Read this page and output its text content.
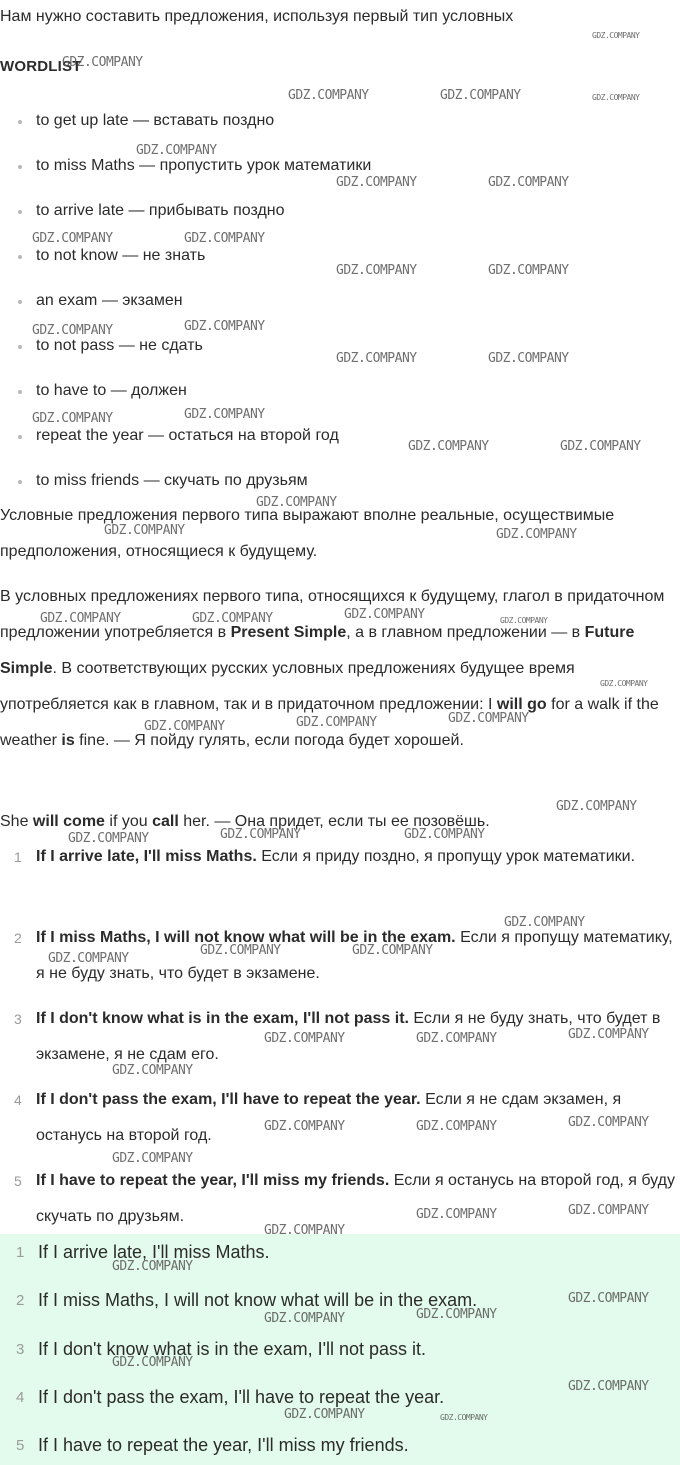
Нам нужно составить предложения, используя первый тип условных
WORDLIST
to get up late — вставать поздно
to miss Maths — пропустить урок математики
to arrive late — прибывать поздно
to not know — не знать
an exam — экзамен
to not pass — не сдать
to have to — должен
repeat the year — остаться на второй год
to miss friends — скучать по друзьям
Условные предложения первого типа выражают вполне реальные, осуществимые предположения, относящиеся к будущему.
В условных предложениях первого типа, относящихся к будущему, глагол в придаточном предложении употребляется в Present Simple, а в главном предложении — в Future Simple. В соответствующих русских условных предложениях будущее время употребляется как в главном, так и в придаточном предложении: I will go for a walk if the weather is fine. — Я пойду гулять, если погода будет хорошей.
She will come if you call her. — Она придет, если ты ее позовёшь.
1 If I arrive late, I'll miss Maths. Если я приду поздно, я пропущу урок математики.
2 If I miss Maths, I will not know what will be in the exam. Если я пропущу математику, я не буду знать, что будет в экзамене.
3 If I don't know what is in the exam, I'll not pass it. Если я не буду знать, что будет в экзамене, я не сдам его.
4 If I don't pass the exam, I'll have to repeat the year. Если я не сдам экзамен, я останусь на второй год.
5 If I have to repeat the year, I'll miss my friends. Если я останусь на второй год, я буду скучать по друзьям.
1 If I arrive late, I'll miss Maths.
2 If I miss Maths, I will not know what will be in the exam.
3 If I don't know what is in the exam, I'll not pass it.
4 If I don't pass the exam, I'll have to repeat the year.
5 If I have to repeat the year, I'll miss my friends.
GDZ.COMPANY
GDZ.COMPANY
GDZ.COMPANY	GDZ.COMPANY	GDZ.COMPANY
GDZ.COMPANY
GDZ.COMPANY	GDZ.COMPANY
GDZ.COMPANY	GDZ.COMPANY
GDZ.COMPANY	GDZ.COMPANY
GDZ.COMPANY	GDZ.COMPANY
GDZ.COMPANY	GDZ.COMPANY
GDZ.COMPANY	GDZ.COMPANY
GDZ.COMPANY	GDZ.COMPANY
GDZ.COMPANY
GDZ.COMPANY	GDZ.COMPANY
GDZ.COMPANY	GDZ.COMPANY	GDZ.COMPANY	GDZ.COMPANY
GDZ.COMPANY
GDZ.COMPANY	GDZ.COMPANY	GDZ.COMPANY
GDZ.COMPANY
GDZ.COMPANY	GDZ.COMPANY	GDZ.COMPANY
GDZ.COMPANY
GDZ.COMPANY	GDZ.COMPANY
GDZ.COMPANY
GDZ.COMPANY	GDZ.COMPANY	GDZ.COMPANY
GDZ.COMPANY
GDZ.COMPANY	GDZ.COMPANY	GDZ.COMPANY
GDZ.COMPANY
GDZ.COMPANY	GDZ.COMPANY
GDZ.COMPANY
GDZ.COMPANY
GDZ.COMPANY
GDZ.COMPANY	GDZ.COMPANY
GDZ.COMPANY
GDZ.COMPANY
GDZ.COMPANY	GDZ.COMPANY
